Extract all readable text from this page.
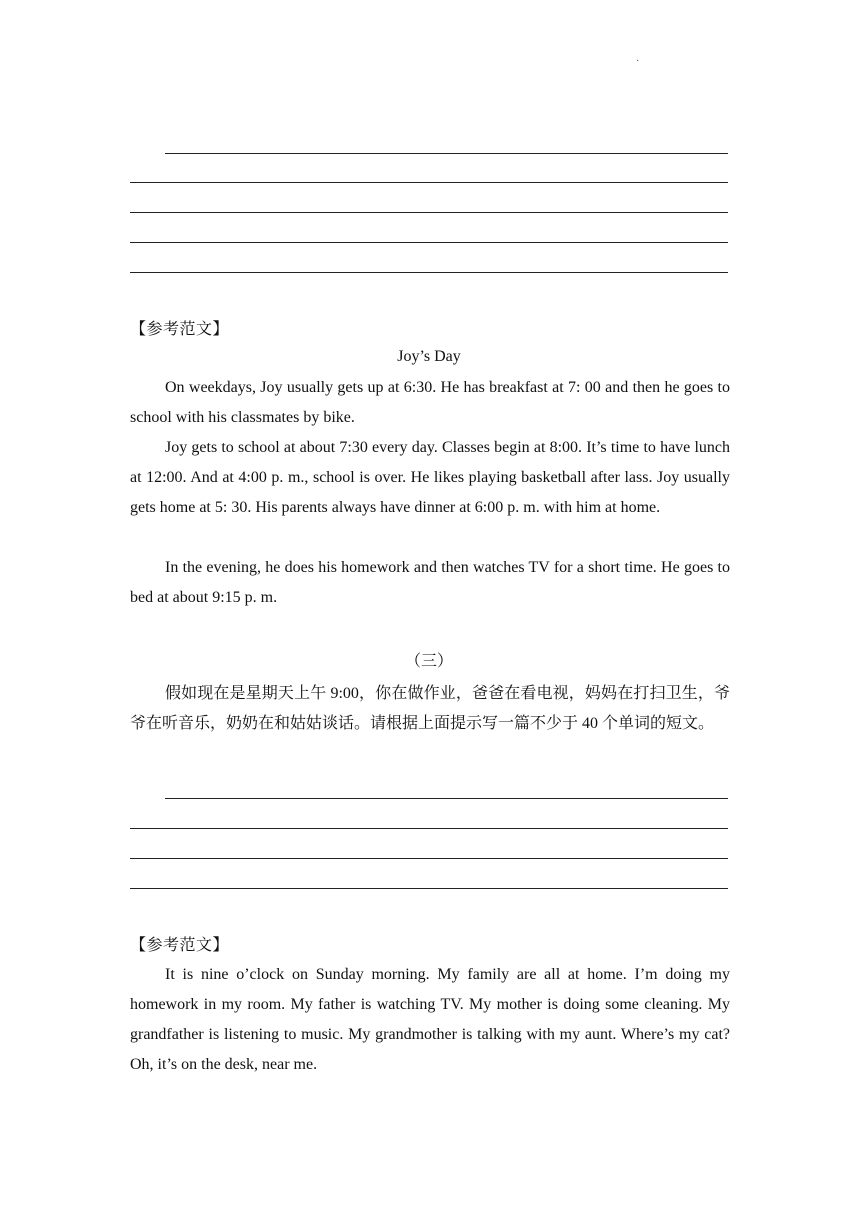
·
【参考范文】
Joy’s Day

On weekdays, Joy usually gets up at 6:30. He has breakfast at 7: 00 and then he goes to school with his classmates by bike.

Joy gets to school at about 7:30 every day. Classes begin at 8:00. It’s time to have lunch at 12:00. And at 4:00 p. m., school is over. He likes playing basketball after lass. Joy usually gets home at 5: 30. His parents always have dinner at 6:00 p. m. with him at home.

In the evening, he does his homework and then watches TV for a short time. He goes to bed at about 9:15 p. m.

（三）

假如现在是星期天上午 9:00，你在做作业，爸爸在看电视，妈妈在打扫卫生，爷爷在听音乐，奶奶在和姑姑谈话。请根据上面提示写一篇不少于 40 个单词的短文。

【参考范文】

It is nine o’clock on Sunday morning. My family are all at home. I’m doing my homework in my room. My father is watching TV. My mother is doing some cleaning. My grandfather is listening to music. My grandmother is talking with my aunt. Where’s my cat? Oh, it’s on the desk, near me.
